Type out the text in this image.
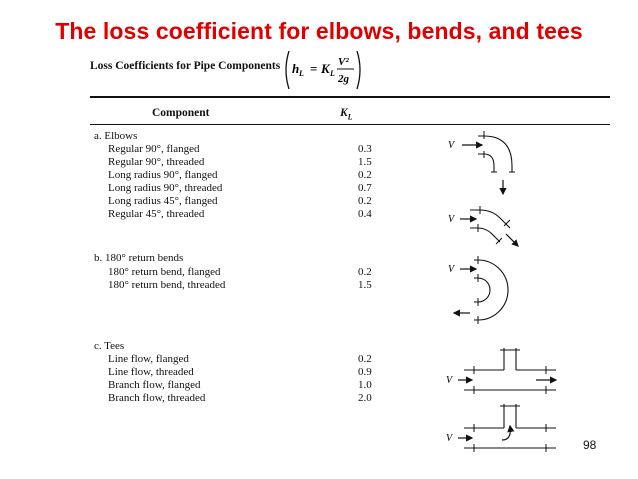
The loss coefficient for elbows, bends, and tees
Loss Coefficients for Pipe Components h L = K L
V²
2g
Component	$K_L$
a. Elbows
Regular 90°, flanged	0.3
Regular 90°, threaded	1.5
Long radius 90°, flanged	0.2
Long radius 90°, threaded	0.7
Long radius 45°, flanged	0.2
Regular 45°, threaded	0.4
b. 180° return bends
180° return bend, flanged	0.2
180° return bend, threaded	1.5
c. Tees
Line flow, flanged	0.2
Line flow, threaded	0.9
Branch flow, flanged	1.0
Branch flow, threaded	2.0
V
V
V
V
V	98
